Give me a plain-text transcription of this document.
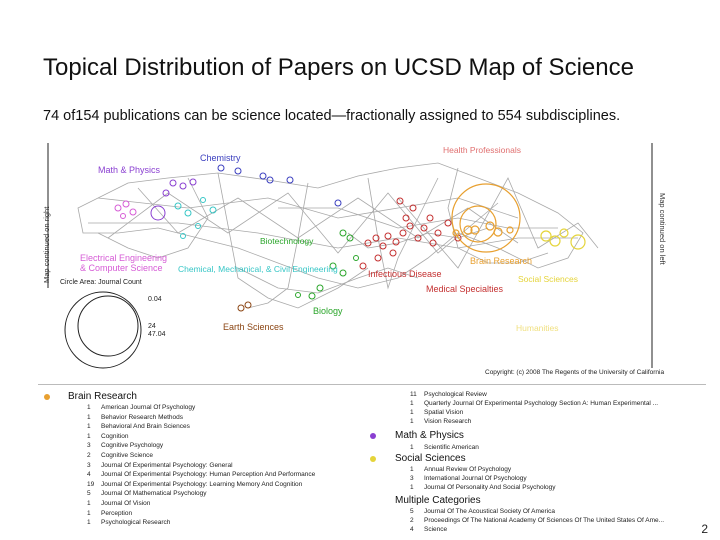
Topical Distribution of Papers on UCSD Map of Science
74 of154 publications can be science located—fractionally assigned to 554 subdisciplines.
Map continued on right	Map continued on left
Math & Physics
Chemistry
Health Professionals
Electrical Engineering
& Computer Science
Biotechnology
Chemical, Mechanical, & Civil Engineering	Infectious Disease
Brain Research
Social Sciences
Medical Specialties
Biology
Earth Sciences	Humanities
Circle Area: Journal Count
0.04
24
47.04
Copyright: (c) 2008 The Regents of the University of California
Brain Research
1 American Journal Of Psychology
1 Behavior Research Methods
1 Behavioral And Brain Sciences
1 Cognition
3 Cognitive Psychology
2 Cognitive Science
3 Journal Of Experimental Psychology: General
4 Journal Of Experimental Psychology: Human Perception And Performance
19 Journal Of Experimental Psychology: Learning Memory And Cognition
5 Journal Of Mathematical Psychology
1 Journal Of Vision
1 Perception
1 Psychological Research
11 Psychological Review
1 Quarterly Journal Of Experimental Psychology Section A: Human Experimental ...
1 Spatial Vision
1 Vision Research
Math & Physics
1 Scientific American
Social Sciences
1 Annual Review Of Psychology
3 International Journal Of Psychology
1 Journal Of Personality And Social Psychology
Multiple Categories
5 Journal Of The Acoustical Society Of America
2 Proceedings Of The National Academy Of Sciences Of The United States Of Ame...
4 Science	2
